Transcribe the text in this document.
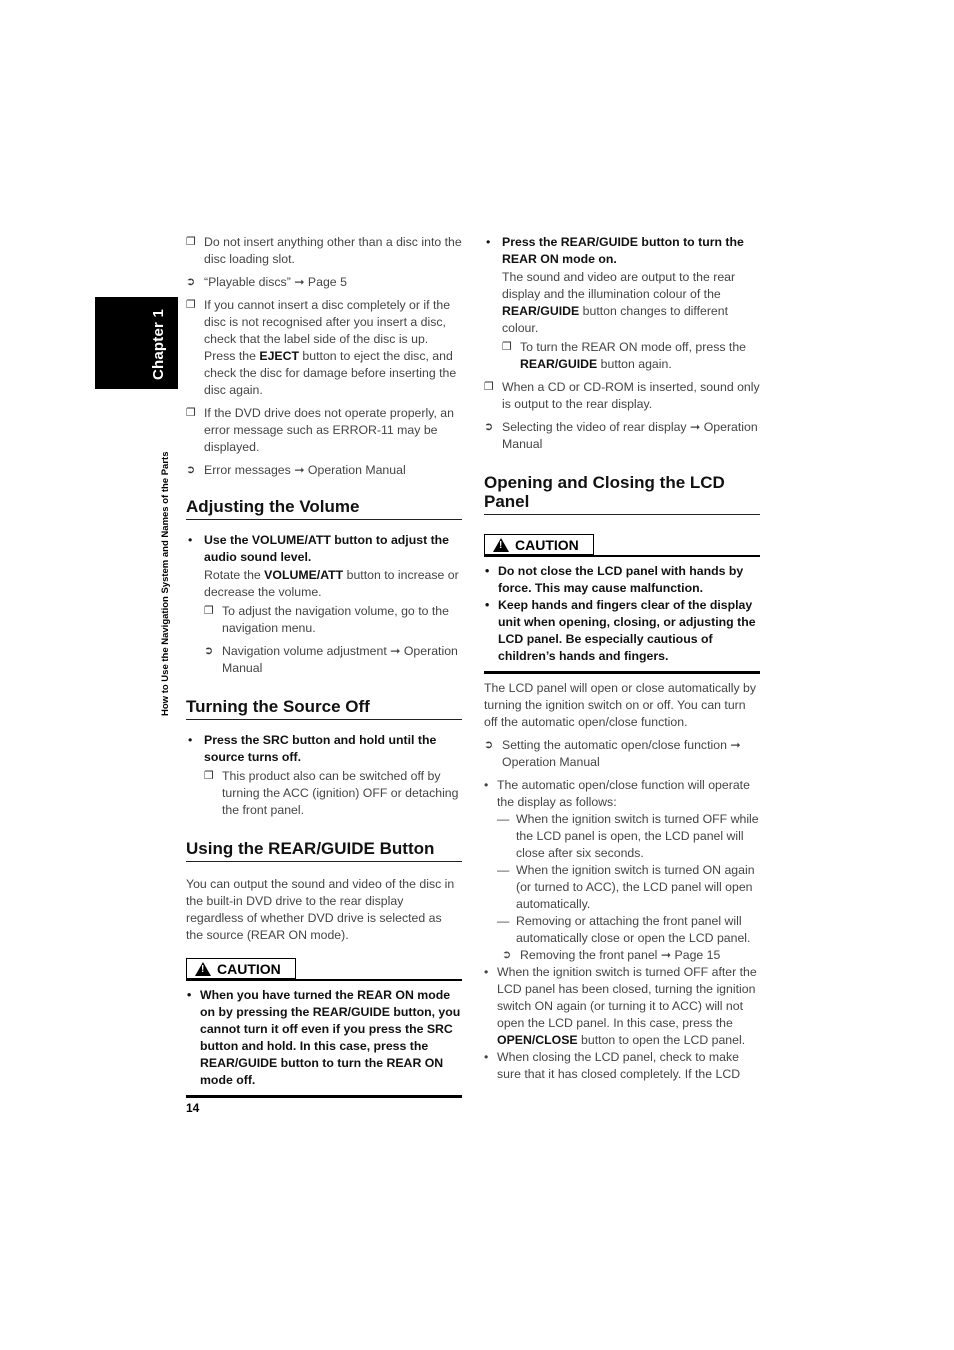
Chapter 1
How to Use the Navigation System and Names of the Parts
❐ Do not insert anything other than a disc into the disc loading slot.
➲ “Playable discs” ➞ Page 5
❐ If you cannot insert a disc completely or if the disc is not recognised after you insert a disc, check that the label side of the disc is up. Press the EJECT button to eject the disc, and check the disc for damage before inserting the disc again.
❐ If the DVD drive does not operate properly, an error message such as ERROR-11 may be displayed.
➲ Error messages ➞ Operation Manual
Adjusting the Volume
• Use the VOLUME/ATT button to adjust the audio sound level.
Rotate the VOLUME/ATT button to increase or decrease the volume.
❐ To adjust the navigation volume, go to the navigation menu.
➲ Navigation volume adjustment ➞ Operation Manual
Turning the Source Off
• Press the SRC button and hold until the source turns off.
❐ This product also can be switched off by turning the ACC (ignition) OFF or detaching the front panel.
Using the REAR/GUIDE Button
You can output the sound and video of the disc in the built-in DVD drive to the rear display regardless of whether DVD drive is selected as the source (REAR ON mode).
!CAUTION
• When you have turned the REAR ON mode on by pressing the REAR/GUIDE button, you cannot turn it off even if you press the SRC button and hold. In this case, press the REAR/GUIDE button to turn the REAR ON mode off.
14
• Press the REAR/GUIDE button to turn the REAR ON mode on.
The sound and video are output to the rear display and the illumination colour of the REAR/GUIDE button changes to different colour.
❐ To turn the REAR ON mode off, press the REAR/GUIDE button again.
❐ When a CD or CD-ROM is inserted, sound only is output to the rear display.
➲ Selecting the video of rear display ➞ Operation Manual
Opening and Closing the LCD Panel
!CAUTION
• Do not close the LCD panel with hands by force. This may cause malfunction.
• Keep hands and fingers clear of the display unit when opening, closing, or adjusting the LCD panel. Be especially cautious of children’s hands and fingers.
The LCD panel will open or close automatically by turning the ignition switch on or off. You can turn off the automatic open/close function.
➲ Setting the automatic open/close function ➞ Operation Manual
• The automatic open/close function will operate the display as follows:
— When the ignition switch is turned OFF while the LCD panel is open, the LCD panel will close after six seconds.
— When the ignition switch is turned ON again (or turned to ACC), the LCD panel will open automatically.
— Removing or attaching the front panel will automatically close or open the LCD panel.
➲ Removing the front panel ➞ Page 15
• When the ignition switch is turned OFF after the LCD panel has been closed, turning the ignition switch ON again (or turning it to ACC) will not open the LCD panel. In this case, press the OPEN/CLOSE button to open the LCD panel.
• When closing the LCD panel, check to make sure that it has closed completely. If the LCD
